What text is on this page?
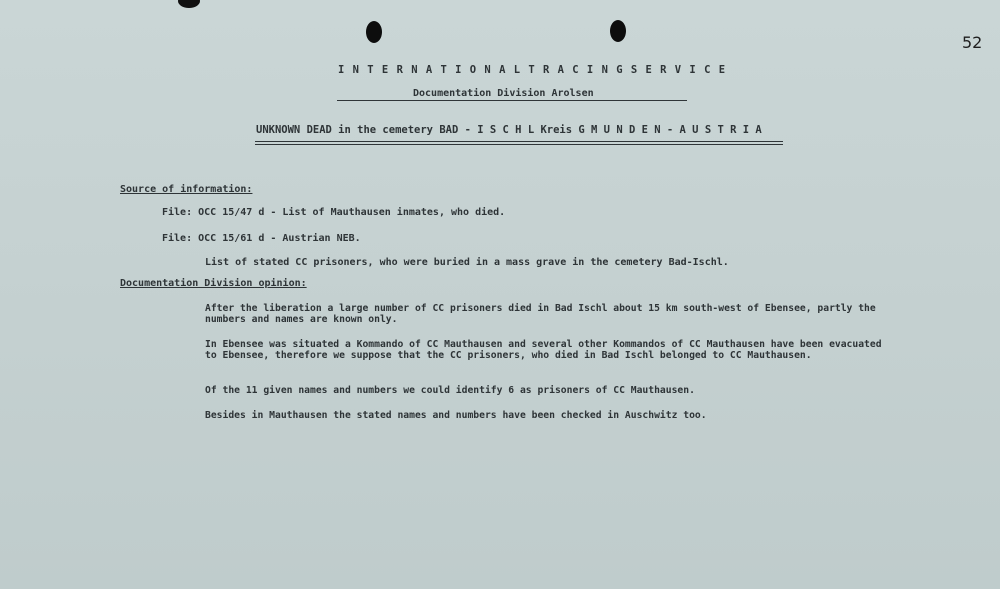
52
I N T E R N A T I O N A L T R A C I N G S E R V I C E
Documentation Division Arolsen
UNKNOWN DEAD in the cemetery BAD - I S C H L Kreis G M U N D E N - A U S T R I A
Source of information:
File: OCC 15/47 d - List of Mauthausen inmates, who died.
File: OCC 15/61 d - Austrian NEB.
List of stated CC prisoners, who were buried in a mass grave in the cemetery Bad-Ischl.
Documentation Division opinion:
After the liberation a large number of CC prisoners died in Bad Ischl about 15 km south-west of Ebensee, partly the numbers and names are known only.
In Ebensee was situated a Kommando of CC Mauthausen and several other Kommandos of CC Mauthausen have been evacuated to Ebensee, therefore we suppose that the CC prisoners, who died in Bad Ischl belonged to CC Mauthausen.
Of the 11 given names and numbers we could identify 6 as prisoners of CC Mauthausen.
Besides in Mauthausen the stated names and numbers have been checked in Auschwitz too.
